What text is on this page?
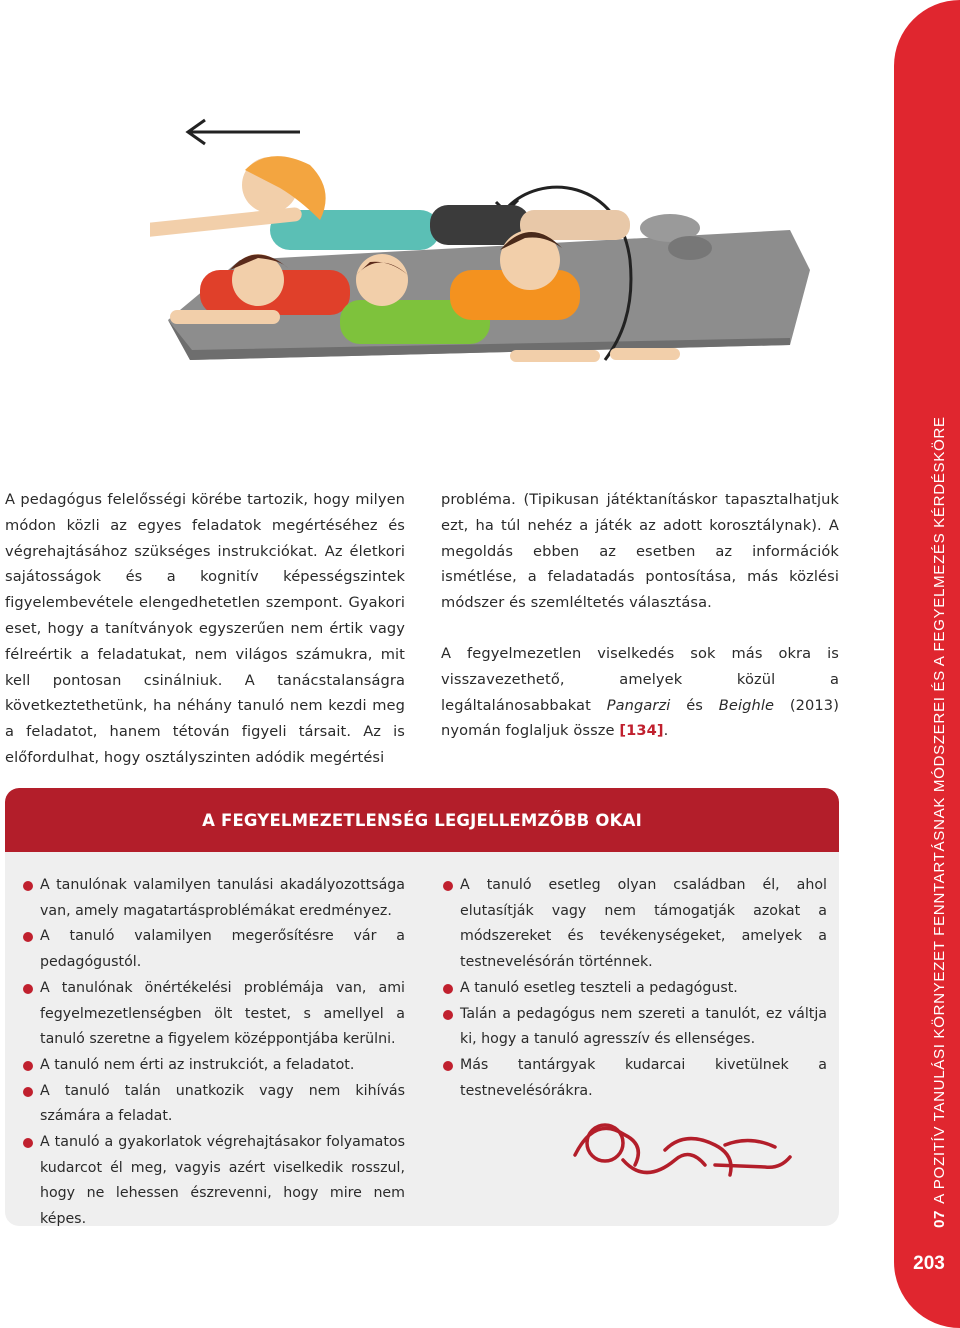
A pedagógus felelősségi körébe tartozik, hogy milyen módon közli az egyes feladatok megértéséhez és végrehajtásához szükséges instrukciókat. Az életkori sajátosságok és a kognitív képességszintek figyelembevétele elengedhetetlen szempont. Gyakori eset, hogy a tanítványok egyszerűen nem értik vagy félreértik a feladatukat, nem világos számukra, mit kell pontosan csinálniuk. A tanácstalanságra következtethetünk, ha néhány tanuló nem kezdi meg a feladatot, hanem tétován figyeli társait. Az is előfordulhat, hogy osztályszinten adódik megértési

probléma. (Tipikusan játéktanításkor tapasztalhatjuk ezt, ha túl nehéz a játék az adott korosztálynak). A megoldás ebben az esetben az információk ismétlése, a feladatadás pontosítása, más közlési módszer és szemléltetés választása.

A fegyelmezetlen viselkedés sok más okra is visszavezethető, amelyek közül a legáltalánosabbakat Pangarzi és Beighle (2013) nyomán foglaljuk össze [134].

A FEGYELMEZETLENSÉG LEGJELLEMZŐBB OKAI
A tanulónak valamilyen tanulási akadályozottsága van, amely magatartásproblémákat eredményez.
A tanuló valamilyen megerősítésre vár a pedagógustól.
A tanulónak önértékelési problémája van, ami fegyelmezetlenségben ölt testet, s amellyel a tanuló szeretne a figyelem középpontjába kerülni.
A tanuló nem érti az instrukciót, a feladatot.
A tanuló talán unatkozik vagy nem kihívás számára a feladat.
A tanuló a gyakorlatok végrehajtásakor folyamatos kudarcot él meg, vagyis azért viselkedik rosszul, hogy ne lehessen észrevenni, hogy mire nem képes.
A tanuló esetleg olyan családban él, ahol elutasítják vagy nem támogatják azokat a módszereket és tevékenységeket, amelyek a testnevelésórán történnek.
A tanuló esetleg teszteli a pedagógust.
Talán a pedagógus nem szereti a tanulót, ez váltja ki, hogy a tanuló agresszív és ellenséges.
Más tantárgyak kudarcai kivetülnek a testnevelésórákra.
07A POZITÍV TANULÁSI KÖRNYEZET FENNTARTÁSNAK MÓDSZEREI ÉS A FEGYELMEZÉS KÉRDÉSKÖRE
203
